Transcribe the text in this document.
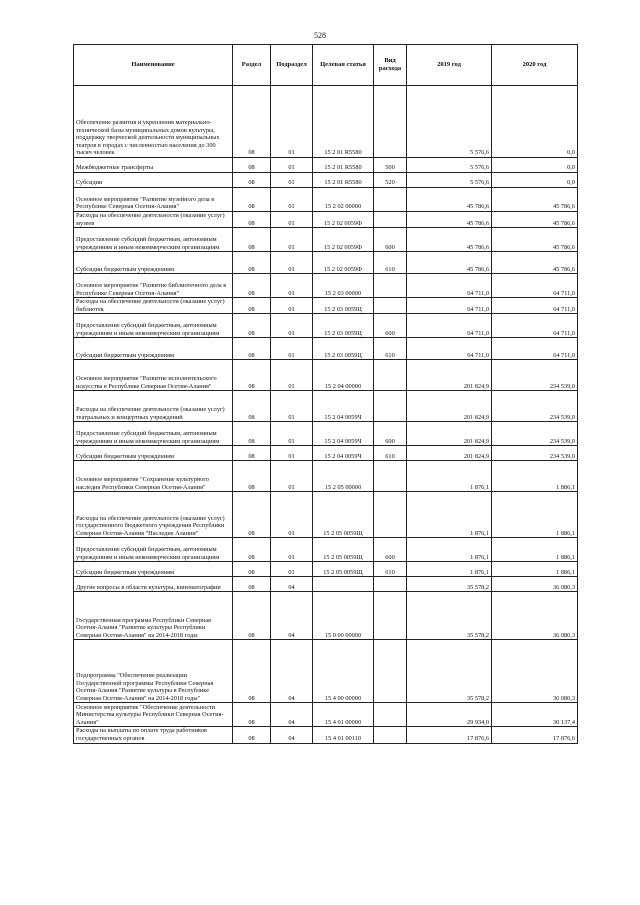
528
Наименование	Раздел	Подраздел	Целевая статья	Вид расхода	2019 год	2020 год
Обеспечение развития и укрепления материально-технической базы муниципальных домов культуры, поддержку творческой деятельности муниципальных театров в городах с численностью населения до 300 тысяч человек	08	01	15 2 01 R5580		5 576,6	0,0
Межбюджетные трансферты	08	01	15 2 01 R5580	500	5 576,6	0,0
Субсидии	08	01	15 2 01 R5580	520	5 576,6	0,0
Основное мероприятие "Развитие музейного дела в Республике Северная Осетия-Алания"	08	01	15 2 02 00000		45 786,6	45 786,6
Расходы на обеспечение деятельности (оказание услуг) музеев	08	01	15 2 02 0059Ф		45 786,6	45 786,6
Предоставление субсидий бюджетным, автономным учреждениям и иным некоммерческим организациям	08	01	15 2 02 0059Ф	600	45 786,6	45 786,6
Субсидии бюджетным учреждениям	08	01	15 2 02 0059Ф	610	45 786,6	45 786,6
Основное мероприятие "Развитие библиотечного дела в Республике Северная Осетия-Алания"	08	01	15 2 03 00000		64 711,0	64 711,0
Расходы на обеспечение деятельности (оказание услуг) библиотек	08	01	15 2 03 0059Ц		64 711,0	64 711,0
Предоставление субсидий бюджетным, автономным учреждениям и иным некоммерческим организациям	08	01	15 2 03 0059Ц	600	64 711,0	64 711,0
Субсидии бюджетным учреждениям	08	01	15 2 03 0059Ц	610	64 711,0	64 711,0
Основное мероприятие "Развитие исполнительского искусства в Республике Северная Осетия-Алания"	08	01	15 2 04 00000		201 824,9	234 539,0
Расходы на обеспечение деятельности (оказание услуг) театральных и концертных учреждений	08	01	15 2 04 0059Ч		201 824,9	234 539,0
Предоставление субсидий бюджетным, автономным учреждениям и иным некоммерческим организациям	08	01	15 2 04 0059Ч	600	201 824,9	234 539,0
Субсидии бюджетным учреждениям	08	01	15 2 04 0059Ч	610	201 824,9	234 539,0
Основное мероприятие "Сохранение культурного наследия Республики Северная Осетия-Алания"	08	01	15 2 05 00000		1 876,1	1 886,1
Расходы на обеспечение деятельности (оказание услуг) государственного бюджетного учреждения Республики Северная Осетия-Алания "Наследие Алании"	08	01	15 2 05 0059Щ		1 876,1	1 886,1
Предоставление субсидий бюджетным, автономным учреждениям и иным некоммерческим организациям	08	01	15 2 05 0059Щ	600	1 876,1	1 886,1
Субсидии бюджетным учреждениям	08	01	15 2 05 0059Щ	610	1 876,1	1 886,1
Другие вопросы в области культуры, кинематографии	08	04			35 578,2	36 080,3
Государственная программа Республики Северная Осетия-Алания "Развитие культуры Республики Северная Осетия-Алания" на 2014-2018 годы	08	04	15 0 00 00000		35 578,2	36 080,3
Подпрограмма "Обеспечение реализации Государственной программы Республики Северная Осетия-Алания "Развитие культуры в Республике Северная Осетия-Алания" на 2014-2018 годы"	08	04	15 4 00 00000		35 578,2	36 080,3
Основное мероприятие "Обеспечение деятельности Министерства культуры Республики Северная Осетия-Алания"	08	04	15 4 01 00000		29 934,0	30 137,4
Расходы на выплаты по оплате труда работников государственных органов	08	04	15 4 01 00110		17 876,6	17 876,6
